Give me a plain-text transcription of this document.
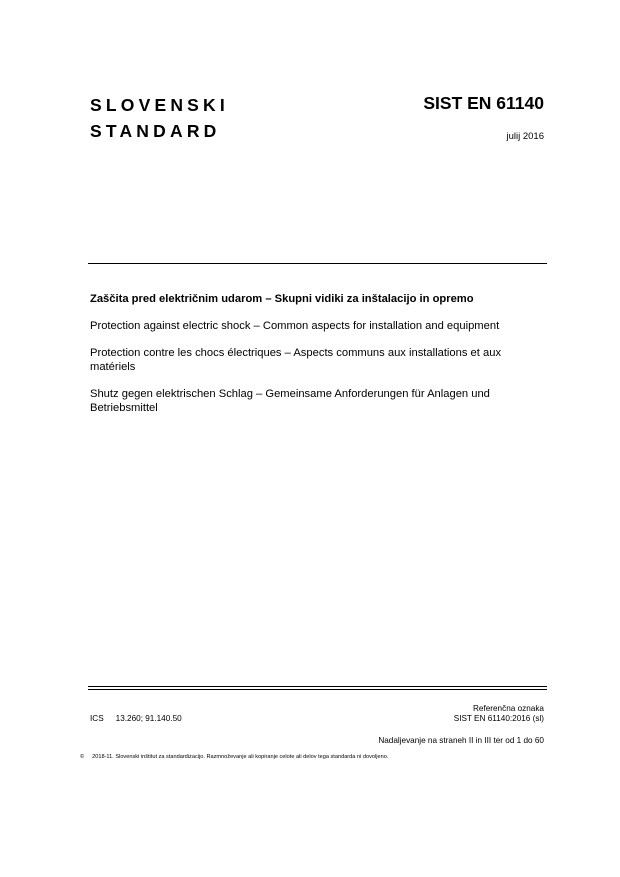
SLOVENSKI
STANDARD
SIST EN 61140
julij 2016
Zaščita pred električnim udarom – Skupni vidiki za inštalacijo in opremo
Protection against electric shock – Common aspects for installation and equipment
Protection contre les chocs électriques – Aspects communs aux installations et aux matériels
Shutz gegen elektrischen Schlag – Gemeinsame Anforderungen für Anlagen und Betriebsmittel
Referenčna oznaka
SIST EN 61140:2016 (sl)
ICS 13.260; 91.140.50
Nadaljevanje na straneh II in III ter od 1 do 60
© 2018-11. Slovenski inštitut za standardizacijo. Razmnoževanje ali kopiranje celote ali delov tega standarda ni dovoljeno.
